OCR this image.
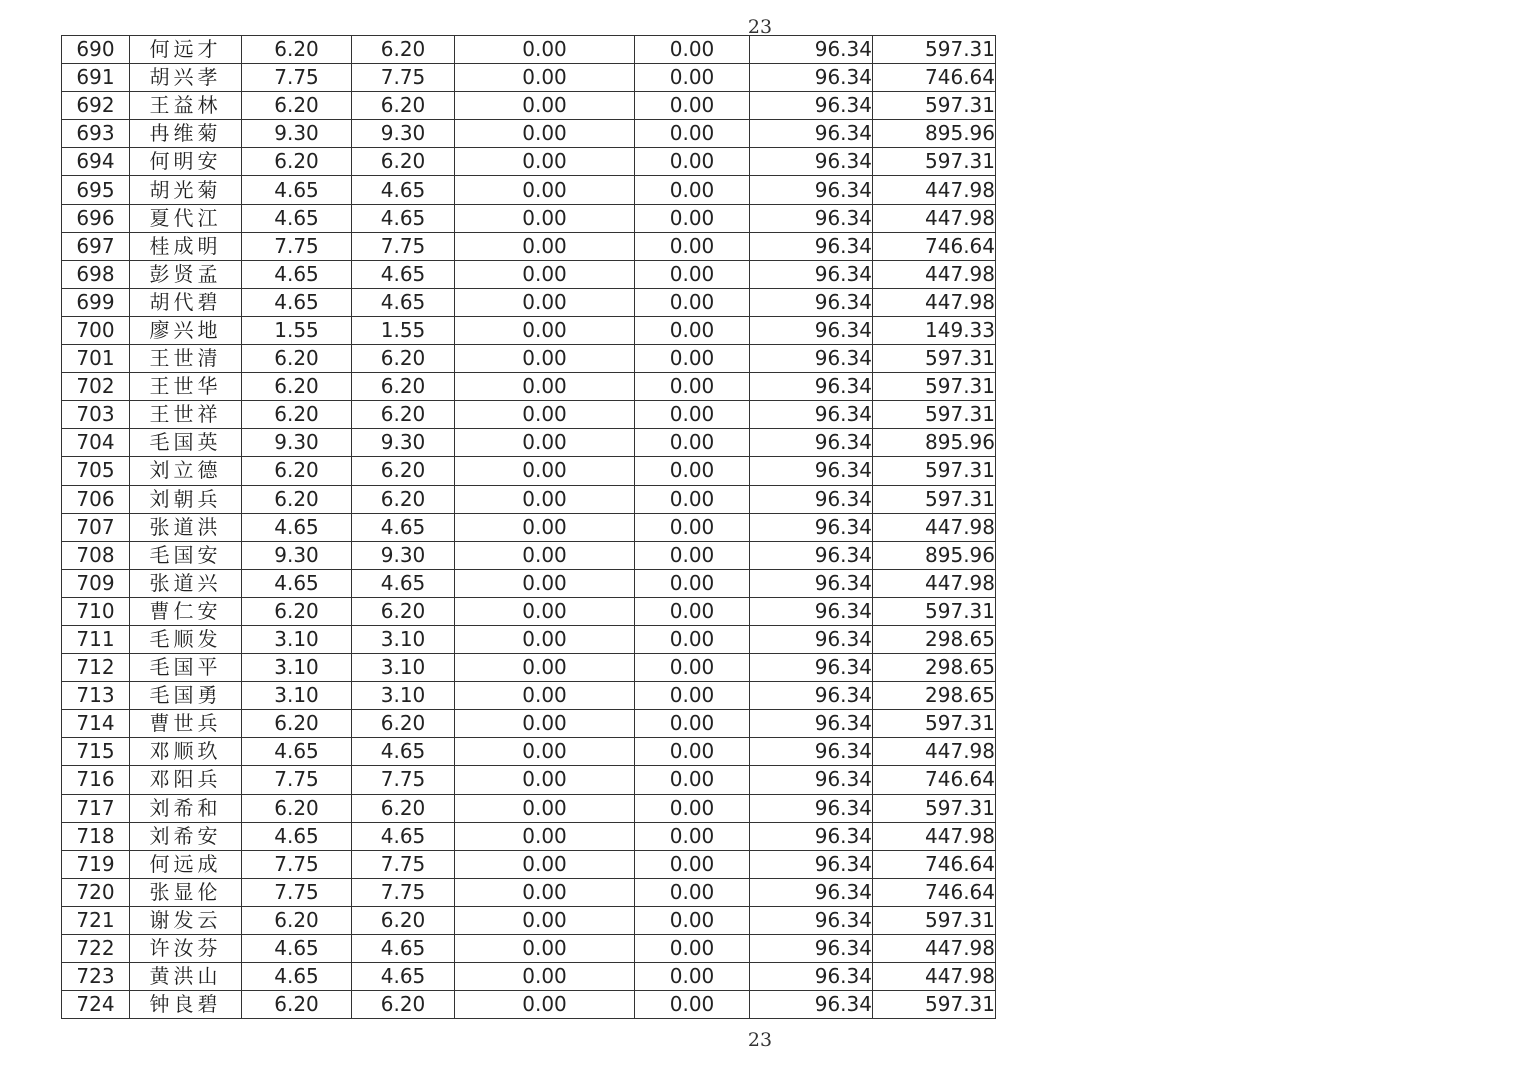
23
690	何远才	6.20	6.20	0.00	0.00	96.34	597.31
691	胡兴孝	7.75	7.75	0.00	0.00	96.34	746.64
692	王益林	6.20	6.20	0.00	0.00	96.34	597.31
693	冉维菊	9.30	9.30	0.00	0.00	96.34	895.96
694	何明安	6.20	6.20	0.00	0.00	96.34	597.31
695	胡光菊	4.65	4.65	0.00	0.00	96.34	447.98
696	夏代江	4.65	4.65	0.00	0.00	96.34	447.98
697	桂成明	7.75	7.75	0.00	0.00	96.34	746.64
698	彭贤孟	4.65	4.65	0.00	0.00	96.34	447.98
699	胡代碧	4.65	4.65	0.00	0.00	96.34	447.98
700	廖兴地	1.55	1.55	0.00	0.00	96.34	149.33
701	王世清	6.20	6.20	0.00	0.00	96.34	597.31
702	王世华	6.20	6.20	0.00	0.00	96.34	597.31
703	王世祥	6.20	6.20	0.00	0.00	96.34	597.31
704	毛国英	9.30	9.30	0.00	0.00	96.34	895.96
705	刘立德	6.20	6.20	0.00	0.00	96.34	597.31
706	刘朝兵	6.20	6.20	0.00	0.00	96.34	597.31
707	张道洪	4.65	4.65	0.00	0.00	96.34	447.98
708	毛国安	9.30	9.30	0.00	0.00	96.34	895.96
709	张道兴	4.65	4.65	0.00	0.00	96.34	447.98
710	曹仁安	6.20	6.20	0.00	0.00	96.34	597.31
711	毛顺发	3.10	3.10	0.00	0.00	96.34	298.65
712	毛国平	3.10	3.10	0.00	0.00	96.34	298.65
713	毛国勇	3.10	3.10	0.00	0.00	96.34	298.65
714	曹世兵	6.20	6.20	0.00	0.00	96.34	597.31
715	邓顺玖	4.65	4.65	0.00	0.00	96.34	447.98
716	邓阳兵	7.75	7.75	0.00	0.00	96.34	746.64
717	刘希和	6.20	6.20	0.00	0.00	96.34	597.31
718	刘希安	4.65	4.65	0.00	0.00	96.34	447.98
719	何远成	7.75	7.75	0.00	0.00	96.34	746.64
720	张显伦	7.75	7.75	0.00	0.00	96.34	746.64
721	谢发云	6.20	6.20	0.00	0.00	96.34	597.31
722	许汝芬	4.65	4.65	0.00	0.00	96.34	447.98
723	黄洪山	4.65	4.65	0.00	0.00	96.34	447.98
724	钟良碧	6.20	6.20	0.00	0.00	96.34	597.31
23
